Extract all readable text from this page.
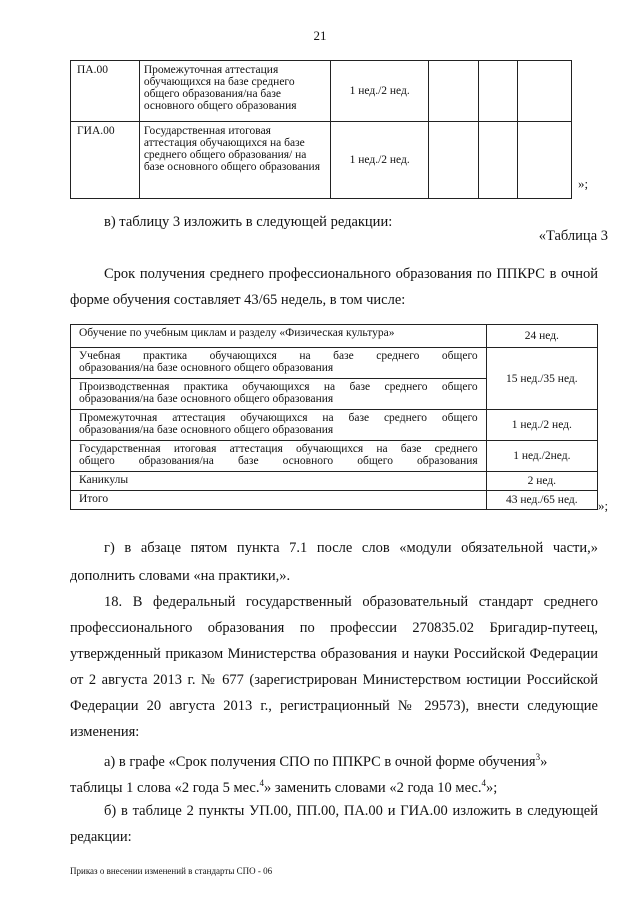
21
ПА.00	Промежуточная аттестация обучающихся на базе среднего общего образования/на базе основного общего образования	1 нед./2 нед.			
ГИА.00	Государственная итоговая аттестация обучающихся на базе среднего общего образования/ на базе основного общего образования	1 нед./2 нед.			
»;
в) таблицу 3 изложить в следующей редакции:
«Таблица 3
Срок получения среднего профессионального образования по ППКРС в очной
форме обучения составляет 43/65 недель, в том числе:
Обучение по учебным циклам и разделу «Физическая культура»	24 нед.

Учебная практика обучающихся на базе среднего общего
образования/на базе основного общего образования	15 нед./35 нед.

Производственная практика обучающихся на базе среднего общего
образования/на базе основного общего образования	

Промежуточная аттестация обучающихся на базе среднего общего
образования/на базе основного общего образования	1 нед./2 нед.

Государственная итоговая аттестация обучающихся на базе среднего
общего образования/на базе основного общего образования	1 нед./2нед.
Каникулы	2 нед.
Итого	43 нед./65 нед. »;
г) в абзаце пятом пункта 7.1 после слов «модули обязательной части,»
дополнить словами «на практики,».
18. В федеральный государственный образовательный стандарт среднего
профессионального образования по профессии 270835.02 Бригадир-путеец,
утвержденный приказом Министерства образования и науки Российской Федерации
от 2 августа 2013 г. № 677 (зарегистрирован Министерством юстиции Российской
Федерации 20 августа 2013 г., регистрационный № 29573), внести следующие
изменения:
а) в графе «Срок получения СПО по ППКРС в очной форме обучения$^3$»
таблицы 1 слова «2 года 5 мес.$^4$» заменить словами «2 года 10 мес.$^4$»;
б) в таблице 2 пункты УП.00, ПП.00, ПА.00 и ГИА.00 изложить в следующей
редакции:
Приказ о внесении изменений в стандарты СПО - 06
